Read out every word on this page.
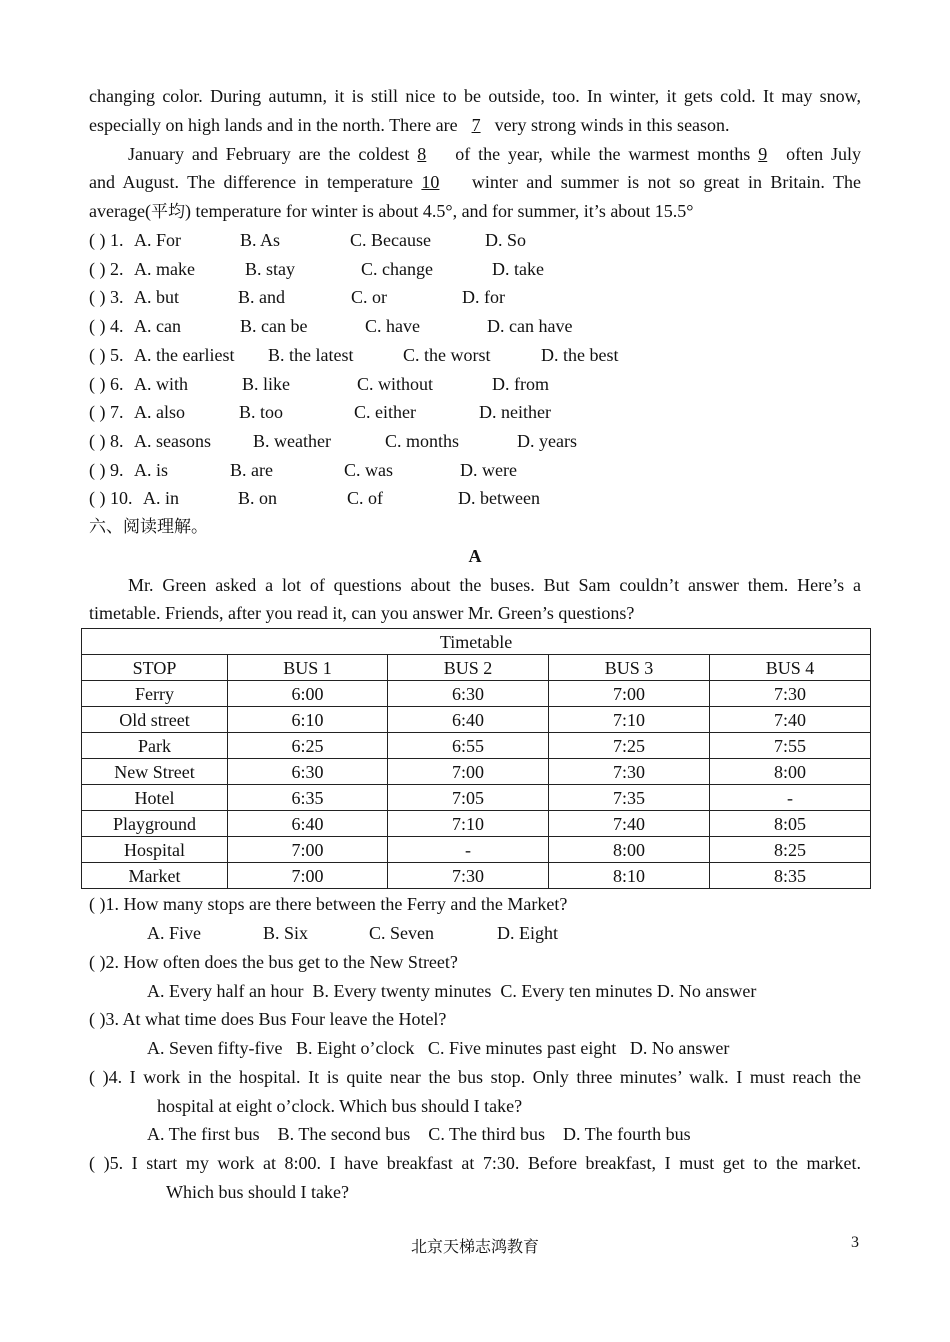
changing color. During autumn, it is still nice to be outside, too. In winter, it gets cold. It may snow,
especially on high lands and in the north. There are 7 very strong winds in this season.
January and February are the coldest 8 of the year, while the warmest months 9 often July
and August. The difference in temperature 10 winter and summer is not so great in Britain. The
average(平均) temperature for winter is about 4.5°, and for summer, it’s about 15.5°
( ) 1. A. For	B. As	C. Because	D. So
( ) 2. A. make	B. stay	C. change	D. take
( ) 3. A. but	B. and	C. or	D. for
( ) 4. A. can	B. can be	C. have	D. can have
( ) 5. A. the earliest B. the latest	C. the worst	D. the best
( ) 6. A. with	B. like	C. without	D. from
( ) 7. A. also	B. too	C. either	D. neither
( ) 8. A. seasons B. weather	C. months	D. years
( ) 9. A. is	B. are	C. was	D. were
( ) 10. A. in	B. on	C. of	D. between
六、阅读理解。
A
Mr. Green asked a lot of questions about the buses. But Sam couldn’t answer them. Here’s a
timetable. Friends, after you read it, can you answer Mr. Green’s questions?
Timetable				
STOP	BUS 1	BUS 2	BUS 3	BUS 4
Ferry	6:00	6:30	7:00	7:30
Old street	6:10	6:40	7:10	7:40
Park	6:25	6:55	7:25	7:55
New Street	6:30	7:00	7:30	8:00
Hotel	6:35	7:05	7:35	-
Playground	6:40	7:10	7:40	8:05
Hospital	7:00	-	8:00	8:25
Market	7:00	7:30	8:10	8:35
( )1. How many stops are there between the Ferry and the Market?
A. Five	B. Six	C. Seven	D. Eight
( )2. How often does the bus get to the New Street?
A. Every half an hour  B. Every twenty minutes  C. Every ten minutes D. No answer
( )3. At what time does Bus Four leave the Hotel?
A. Seven fifty-five   B. Eight o’clock   C. Five minutes past eight   D. No answer
( )4. I work in the hospital. It is quite near the bus stop. Only three minutes’ walk. I must reach the
hospital at eight o’clock. Which bus should I take?
A. The first bus    B. The second bus    C. The third bus    D. The fourth bus
( )5. I start my work at 8:00. I have breakfast at 7:30. Before breakfast, I must get to the market.
Which bus should I take?
北京天梯志鸿教育	3
